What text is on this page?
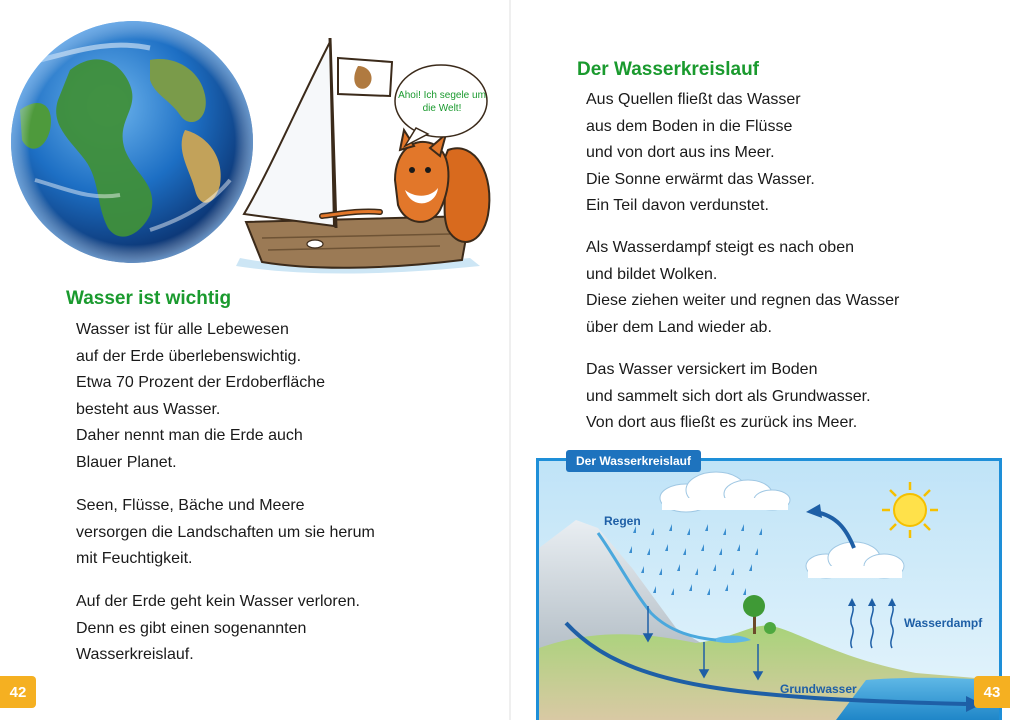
Ahoi! Ich segele um die Welt!
Wasser ist wichtig
Wasser ist für alle Lebewesen
auf der Erde überlebenswichtig.
Etwa 70 Prozent der Erdoberfläche
besteht aus Wasser.
Daher nennt man die Erde auch
Blauer Planet.
Seen, Flüsse, Bäche und Meere
versorgen die Landschaften um sie herum
mit Feuchtigkeit.
Auf der Erde geht kein Wasser verloren.
Denn es gibt einen sogenannten
Wasserkreislauf.
42
Der Wasserkreislauf
Aus Quellen fließt das Wasser
aus dem Boden in die Flüsse
und von dort aus ins Meer.
Die Sonne erwärmt das Wasser.
Ein Teil davon verdunstet.
Als Wasserdampf steigt es nach oben
und bildet Wolken.
Diese ziehen weiter und regnen das Wasser
über dem Land wieder ab.
Das Wasser versickert im Boden
und sammelt sich dort als Grundwasser.
Von dort aus fließt es zurück ins Meer.
Der Wasserkreislauf
Regen
Wasserdampf
Grundwasser	43
